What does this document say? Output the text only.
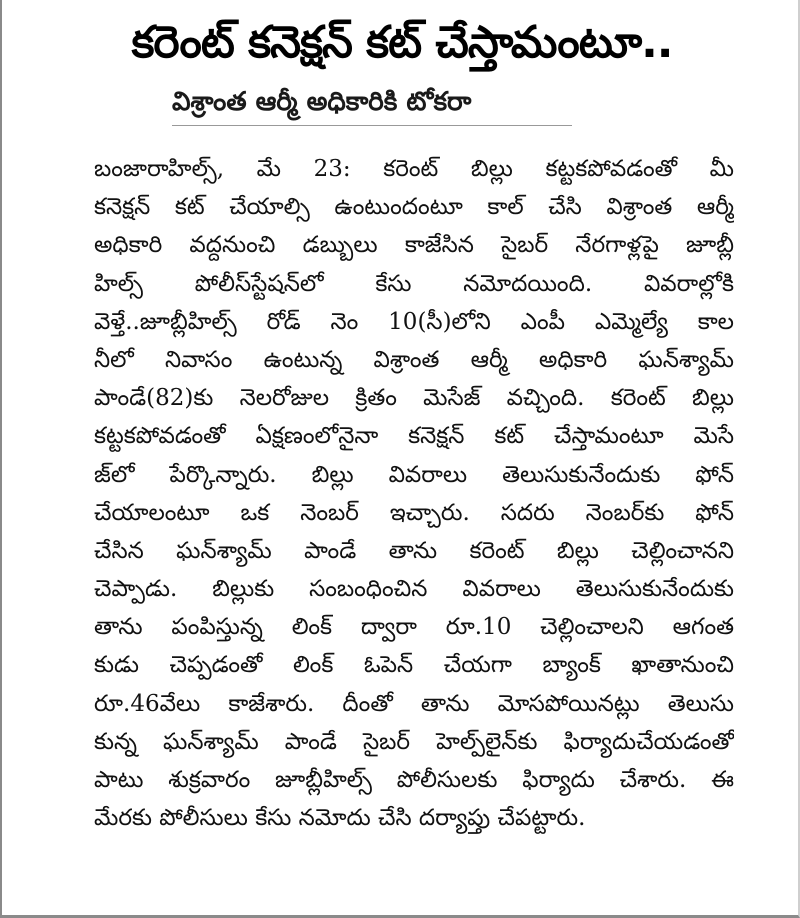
కరెంట్ కనెక్షన్ కట్ చేస్తామంటూ..
విశ్రాంత ఆర్మీ అధికారికి టోకరా
బంజారాహిల్స్, మే 23: కరెంట్ బిల్లు కట్టకపోవడంతో మీ
కనెక్షన్ కట్ చేయాల్సి ఉంటుందంటూ కాల్ చేసి విశ్రాంత ఆర్మీ
అధికారి వద్దనుంచి డబ్బులు కాజేసిన సైబర్ నేరగాళ్లపై జూబ్లీ
హిల్స్ పోలీస్‌స్టేషన్‌లో కేసు నమోదయింది. వివరాల్లోకి
వెళ్తే..జూబ్లీహిల్స్ రోడ్ నెం 10(సీ)లోని ఎంపీ ఎమ్మెల్యే కాల
నీలో నివాసం ఉంటున్న విశ్రాంత ఆర్మీ అధికారి ఘన్‌శ్యామ్
పాండే(82)కు నెలరోజుల క్రితం మెసేజ్ వచ్చింది. కరెంట్ బిల్లు
కట్టకపోవడంతో ఏక్షణంలోనైనా కనెక్షన్ కట్ చేస్తామంటూ మెసే
జ్‌లో పేర్కొన్నారు. బిల్లు వివరాలు తెలుసుకునేందుకు ఫోన్
చేయాలంటూ ఒక నెంబర్ ఇచ్చారు. సదరు నెంబర్‌కు ఫోన్
చేసిన ఘన్‌శ్యామ్ పాండే తాను కరెంట్ బిల్లు చెల్లించానని
చెప్పాడు. బిల్లుకు సంబంధించిన వివరాలు తెలుసుకునేందుకు
తాను పంపిస్తున్న లింక్ ద్వారా రూ.10 చెల్లించాలని ఆగంత
కుడు చెప్పడంతో లింక్ ఓపెన్ చేయగా బ్యాంక్ ఖాతానుంచి
రూ.46వేలు కాజేశారు. దీంతో తాను మోసపోయినట్లు తెలుసు
కున్న ఘన్‌శ్యామ్ పాండే సైబర్ హెల్ప్‌లైన్‌కు ఫిర్యాదుచేయడంతో
పాటు శుక్రవారం జూబ్లీహిల్స్ పోలీసులకు ఫిర్యాదు చేశారు. ఈ
మేరకు పోలీసులు కేసు నమోదు చేసి దర్యాప్తు చేపట్టారు.
